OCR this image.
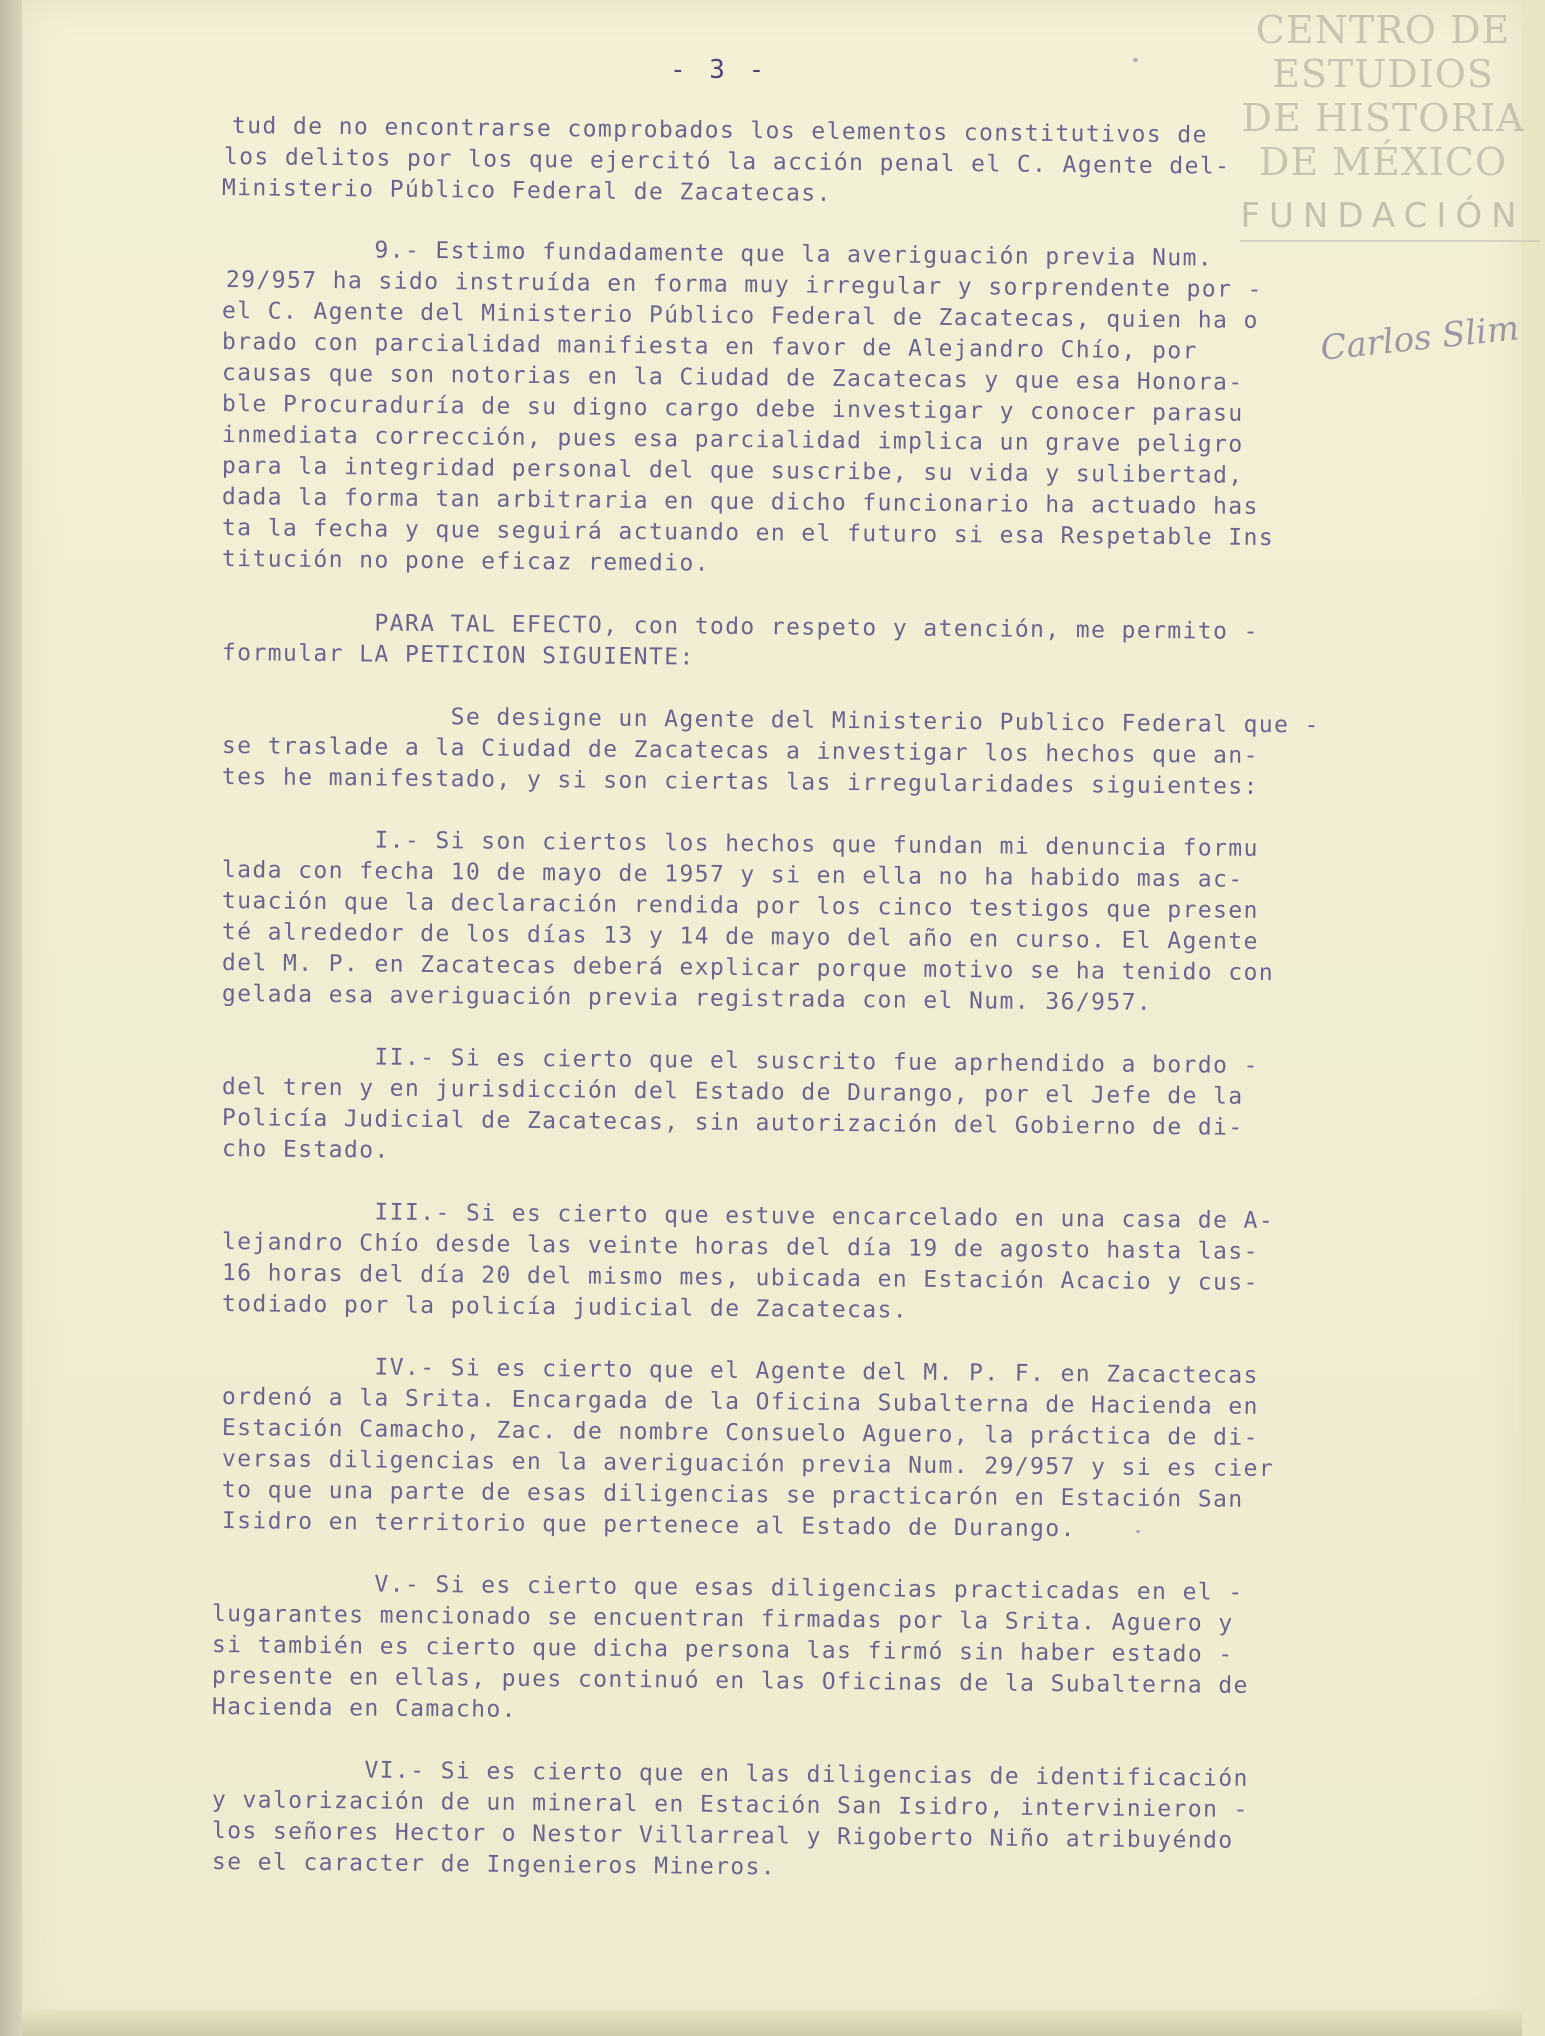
CENTRO DE
ESTUDIOS
DE HISTORIA
DE MÉXICO
FUNDACIÓN
Carlos Slim
- 3 -
tud de no encontrarse comprobados los elementos constitutivos de
los delitos por los que ejercitó la acción penal el C. Agente del-
Ministerio Público Federal de Zacatecas.
9.- Estimo fundadamente que la averiguación previa Num.
29/957 ha sido instruída en forma muy irregular y sorprendente por -
el C. Agente del Ministerio Público Federal de Zacatecas, quien ha o
brado con parcialidad manifiesta en favor de Alejandro Chío, por
causas que son notorias en la Ciudad de Zacatecas y que esa Honora-
ble Procuraduría de su digno cargo debe investigar y conocer parasu
inmediata corrección, pues esa parcialidad implica un grave peligro
para la integridad personal del que suscribe, su vida y sulibertad,
dada la forma tan arbitraria en que dicho funcionario ha actuado has
ta la fecha y que seguirá actuando en el futuro si esa Respetable Ins
titución no pone eficaz remedio.
PARA TAL EFECTO, con todo respeto y atención, me permito -
formular LA PETICION SIGUIENTE:
Se designe un Agente del Ministerio Publico Federal que -
se traslade a la Ciudad de Zacatecas a investigar los hechos que an-
tes he manifestado, y si son ciertas las irregularidades siguientes:
I.- Si son ciertos los hechos que fundan mi denuncia formu
lada con fecha 10 de mayo de 1957 y si en ella no ha habido mas ac-
tuación que la declaración rendida por los cinco testigos que presen
té alrededor de los días 13 y 14 de mayo del año en curso. El Agente
del M. P. en Zacatecas deberá explicar porque motivo se ha tenido con
gelada esa averiguación previa registrada con el Num. 36/957.
II.- Si es cierto que el suscrito fue aprhendido a bordo -
del tren y en jurisdicción del Estado de Durango, por el Jefe de la
Policía Judicial de Zacatecas, sin autorización del Gobierno de di-
cho Estado.
III.- Si es cierto que estuve encarcelado en una casa de A-
lejandro Chío desde las veinte horas del día 19 de agosto hasta las-
16 horas del día 20 del mismo mes, ubicada en Estación Acacio y cus-
todiado por la policía judicial de Zacatecas.
IV.- Si es cierto que el Agente del M. P. F. en Zacactecas
ordenó a la Srita. Encargada de la Oficina Subalterna de Hacienda en
Estación Camacho, Zac. de nombre Consuelo Aguero, la práctica de di-
versas diligencias en la averiguación previa Num. 29/957 y si es cier
to que una parte de esas diligencias se practicarón en Estación San
Isidro en territorio que pertenece al Estado de Durango.
V.- Si es cierto que esas diligencias practicadas en el -
lugarantes mencionado se encuentran firmadas por la Srita. Aguero y
si también es cierto que dicha persona las firmó sin haber estado -
presente en ellas, pues continuó en las Oficinas de la Subalterna de
Hacienda en Camacho.
VI.- Si es cierto que en las diligencias de identificación
y valorización de un mineral en Estación San Isidro, intervinieron -
los señores Hector o Nestor Villarreal y Rigoberto Niño atribuyéndo
se el caracter de Ingenieros Mineros.
